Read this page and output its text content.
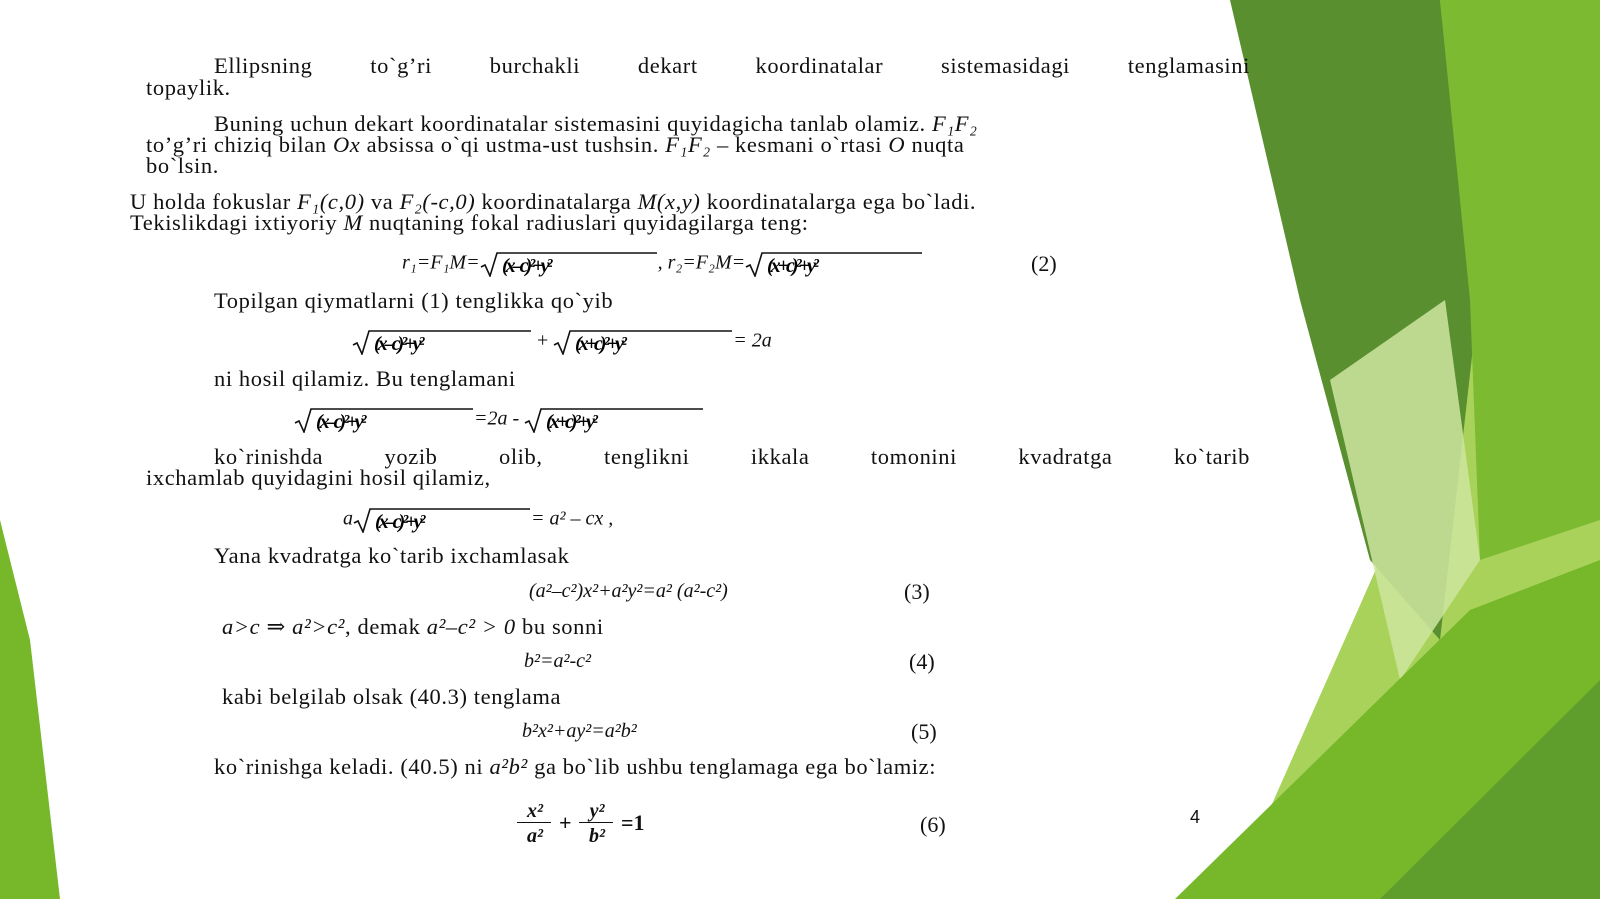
Ellipsning to`g’ri burchakli dekart koordinatalar sistemasidagi tenglamasini
topaylik.
Buning uchun dekart koordinatalar sistemasini quyidagicha tanlab olamiz. F₁F₂
to’g’ri chiziq bilan Ox absissa o`qi ustma-ust tushsin. F₁F₂ – kesmani o`rtasi O nuqta
bo`lsin.
U holda fokuslar F₁(c,0) va F₂(-c,0) koordinatalarga M(x,y) koordinatalarga ega bo`ladi.
Tekislikdagi ixtiyoriy M nuqtaning fokal radiuslari quyidagilarga teng:
r₁=F₁M= (x–c)²+y²	, r₂=F₂M= (x+c)²+y²	(2)
Topilgan qiymatlarni (1) tenglikka qo`yib
(x–c)²+y²	+ (x+c)²+y²	= 2a
ni hosil qilamiz. Bu tenglamani
(x–c)²+y²	=2a - (x+c)²+y²
ko`rinishda yozib olib, tenglikni ikkala tomonini kvadratga ko`tarib
ixchamlab quyidagini hosil qilamiz,
a (x–c)²+y²	= a² – cx ,
Yana kvadratga ko`tarib ixchamlasak
(a²–c²)x²+a²y²=a² (a²-c²)	(3)
a>c ⇒ a²>c², demak a²–c² > 0 bu sonni
b²=a²-c²	(4)
kabi belgilab olsak (40.3) tenglama
b²x²+ay²=a²b²	(5)
ko`rinishga keladi. (40.5) ni a²b² ga bo`lib ushbu tenglamaga ega bo`lamiz:
x²
a²
+ y²
b²
=1	(6)	4
